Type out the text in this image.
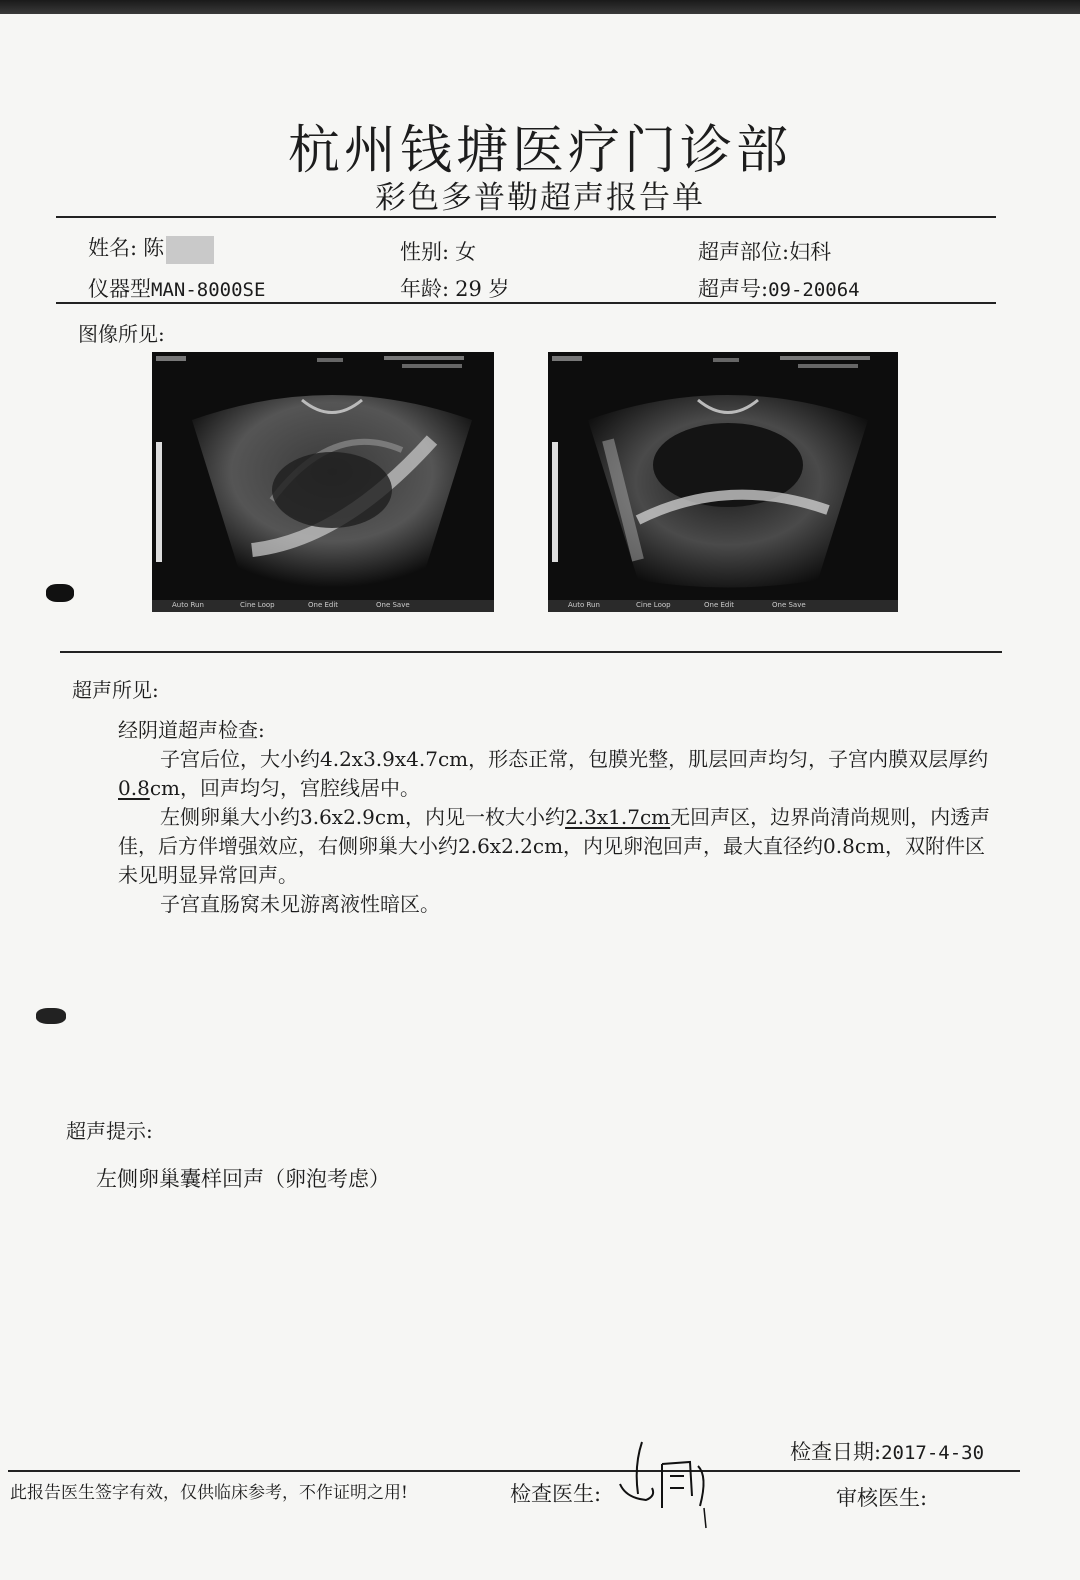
杭州钱塘医疗门诊部
彩色多普勒超声报告单
姓名: 陈	性别: 女	超声部位:妇科
仪器型MAN-8000SE	年龄: 29 岁	超声号:09-20064
图像所见:
Auto Run	Cine Loop	One Edit	One Save	Auto Run	Cine Loop	One Edit	One Save
超声所见:
经阴道超声检查:

子宫后位，大小约4.2x3.9x4.7cm，形态正常，包膜光整，肌层回声均匀，子宫内膜双层厚约0.8cm，回声均匀，宫腔线居中。

左侧卵巢大小约3.6x2.9cm，内见一枚大小约2.3x1.7cm无回声区，边界尚清尚规则，内透声佳，后方伴增强效应，右侧卵巢大小约2.6x2.2cm，内见卵泡回声，最大直径约0.8cm，双附件区未见明显异常回声。

子宫直肠窝未见游离液性暗区。

超声提示:
左侧卵巢囊样回声（卵泡考虑）
检查日期:2017-4-30
此报告医生签字有效，仅供临床参考，不作证明之用!	检查医生:	审核医生:
